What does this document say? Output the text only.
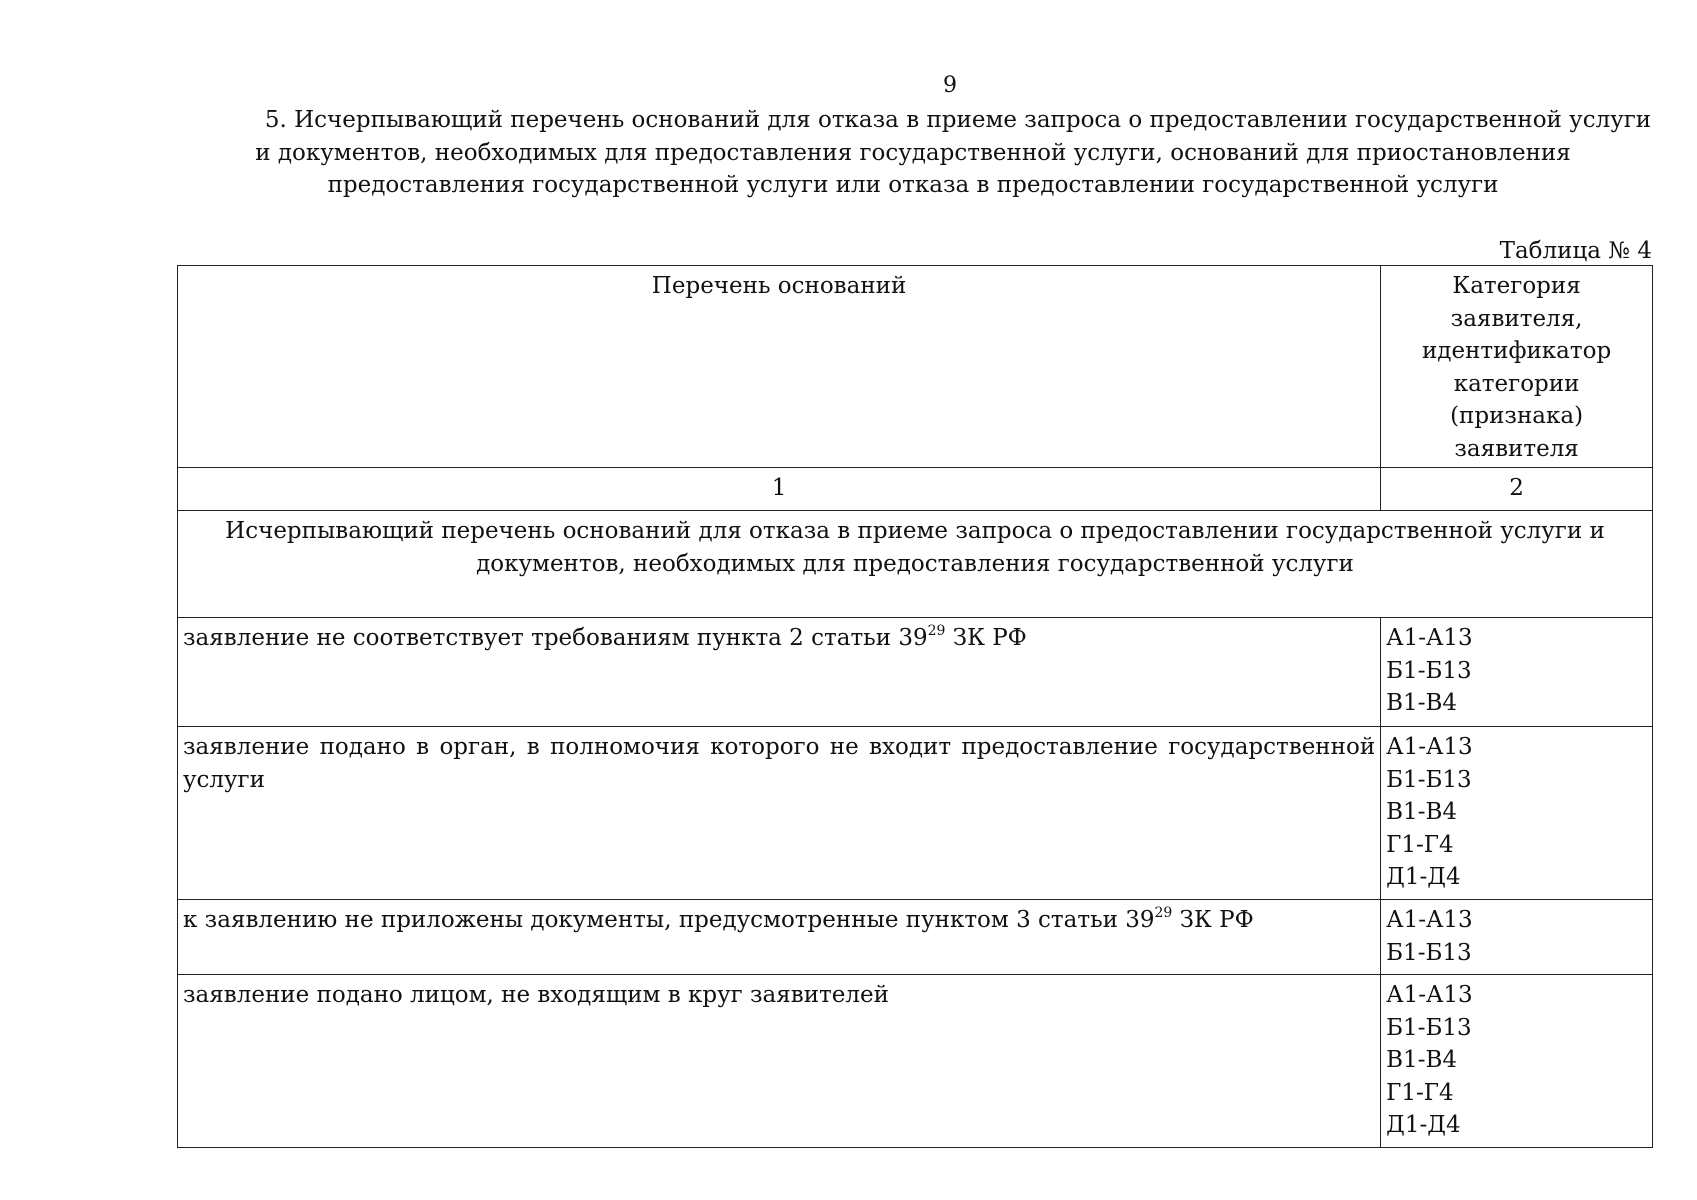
9

5. Исчерпывающий перечень оснований для отказа в приеме запроса о предоставлении государственной услуги и документов, необходимых для предоставления государственной услуги, оснований для приостановления предоставления государственной услуги или отказа в предоставлении государственной услуги

Таблица № 4
Перечень оснований	Категория заявителя, идентификатор категории (признака) заявителя
1	2
Исчерпывающий перечень оснований для отказа в приеме запроса о предоставлении государственной услуги и документов, необходимых для предоставления государственной услуги	
заявление не соответствует требованиям пункта 2 статьи $39^{29}$ ЗК РФ	А1-А13
Б1-Б13
В1-В4

заявление подано в орган, в полномочия которого не входит предоставление государственной услуги	А1-А13
Б1-Б13
В1-В4
Г1-Г4
Д1-Д4

к заявлению не приложены документы, предусмотренные пунктом 3 статьи $39^{29}$ ЗК РФ	А1-А13
Б1-Б13

заявление подано лицом, не входящим в круг заявителей	А1-А13
Б1-Б13
В1-В4
Г1-Г4
Д1-Д4
